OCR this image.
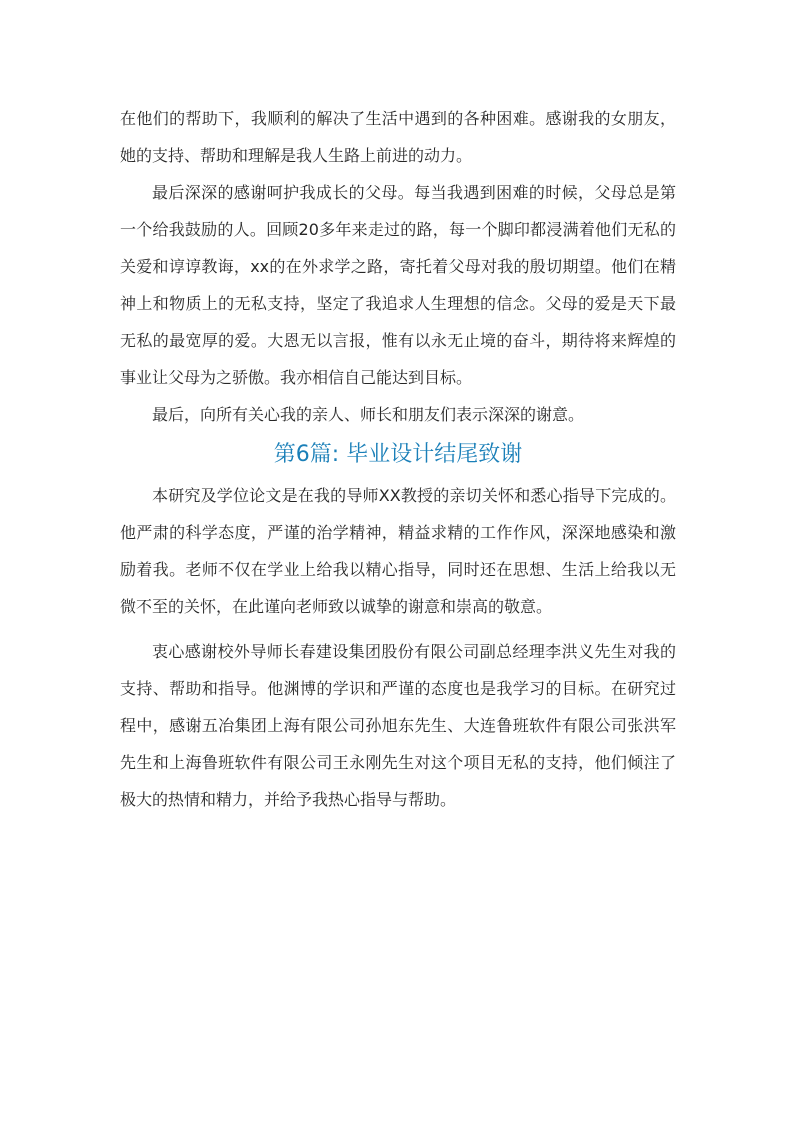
在他们的帮助下，我顺利的解决了生活中遇到的各种困难。感谢我的女朋友，她的支持、帮助和理解是我人生路上前进的动力。

最后深深的感谢呵护我成长的父母。每当我遇到困难的时候，父母总是第一个给我鼓励的人。回顾20多年来走过的路，每一个脚印都浸满着他们无私的关爱和谆谆教诲，xx的在外求学之路，寄托着父母对我的殷切期望。他们在精神上和物质上的无私支持，坚定了我追求人生理想的信念。父母的爱是天下最无私的最宽厚的爱。大恩无以言报，惟有以永无止境的奋斗，期待将来辉煌的事业让父母为之骄傲。我亦相信自己能达到目标。

最后，向所有关心我的亲人、师长和朋友们表示深深的谢意。

第6篇: 毕业设计结尾致谢

本研究及学位论文是在我的导师XX教授的亲切关怀和悉心指导下完成的。他严肃的科学态度，严谨的治学精神，精益求精的工作作风，深深地感染和激励着我。老师不仅在学业上给我以精心指导，同时还在思想、生活上给我以无微不至的关怀，在此谨向老师致以诚挚的谢意和崇高的敬意。

衷心感谢校外导师长春建设集团股份有限公司副总经理李洪义先生对我的支持、帮助和指导。他渊博的学识和严谨的态度也是我学习的目标。在研究过程中，感谢五冶集团上海有限公司孙旭东先生、大连鲁班软件有限公司张洪军先生和上海鲁班软件有限公司王永刚先生对这个项目无私的支持，他们倾注了极大的热情和精力，并给予我热心指导与帮助。
